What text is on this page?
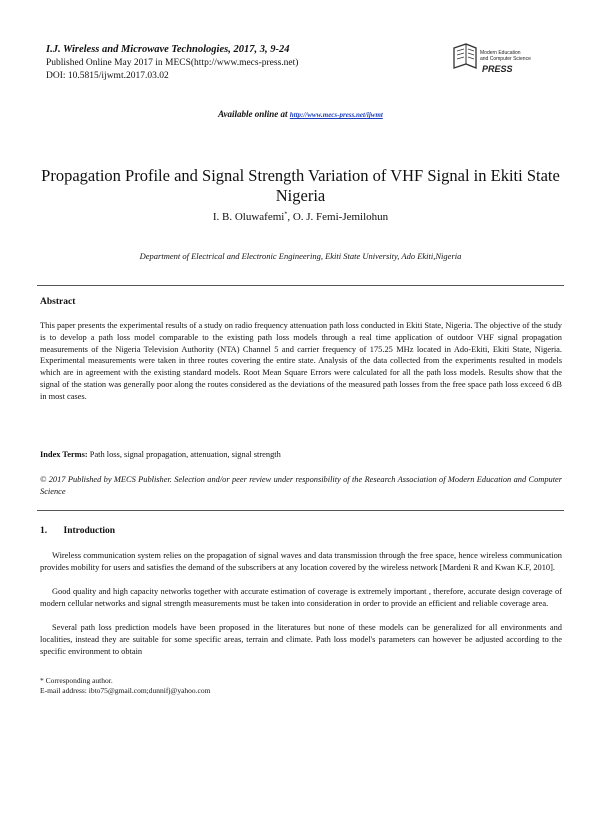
I.J. Wireless and Microwave Technologies, 2017, 3, 9-24
Published Online May 2017 in MECS(http://www.mecs-press.net)
DOI: 10.5815/ijwmt.2017.03.02
Modern Education
and Computer Science
PRESS
Available online at http://www.mecs-press.net/ijwmt
Propagation Profile and Signal Strength Variation of VHF Signal in Ekiti State Nigeria
I. B. Oluwafemi*, O. J. Femi-Jemilohun
Department of Electrical and Electronic Engineering, Ekiti State University, Ado Ekiti,Nigeria
Abstract
This paper presents the experimental results of a study on radio frequency attenuation path loss conducted in Ekiti State, Nigeria. The objective of the study is to develop a path loss model comparable to the existing path loss models through a real time application of outdoor VHF signal propagation measurements of the Nigeria Television Authority (NTA) Channel 5 and carrier frequency of 175.25 MHz located in Ado-Ekiti, Ekiti State, Nigeria. Experimental measurements were taken in three routes covering the entire state. Analysis of the data collected from the experiments resulted in models which are in agreement with the existing standard models. Root Mean Square Errors were calculated for all the path loss models. Results show that the signal of the station was generally poor along the routes considered as the deviations of the measured path losses from the free space path loss exceed 6 dB in most cases.
Index Terms: Path loss, signal propagation, attenuation, signal strength
© 2017 Published by MECS Publisher. Selection and/or peer review under responsibility of the Research Association of Modern Education and Computer Science
1. Introduction
Wireless communication system relies on the propagation of signal waves and data transmission through the free space, hence wireless communication provides mobility for users and satisfies the demand of the subscribers at any location covered by the wireless network [Mardeni R and Kwan K.F, 2010].
Good quality and high capacity networks together with accurate estimation of coverage is extremely important , therefore, accurate design coverage of modern cellular networks and signal strength measurements must be taken into consideration in order to provide an efficient and reliable coverage area.
Several path loss prediction models have been proposed in the literatures but none of these models can be generalized for all environments and localities, instead they are suitable for some specific areas, terrain and climate. Path loss model's parameters can however be adjusted according to the specific environment to obtain
* Corresponding author.
E-mail address: ibto75@gmail.com;dunnifj@yahoo.com
